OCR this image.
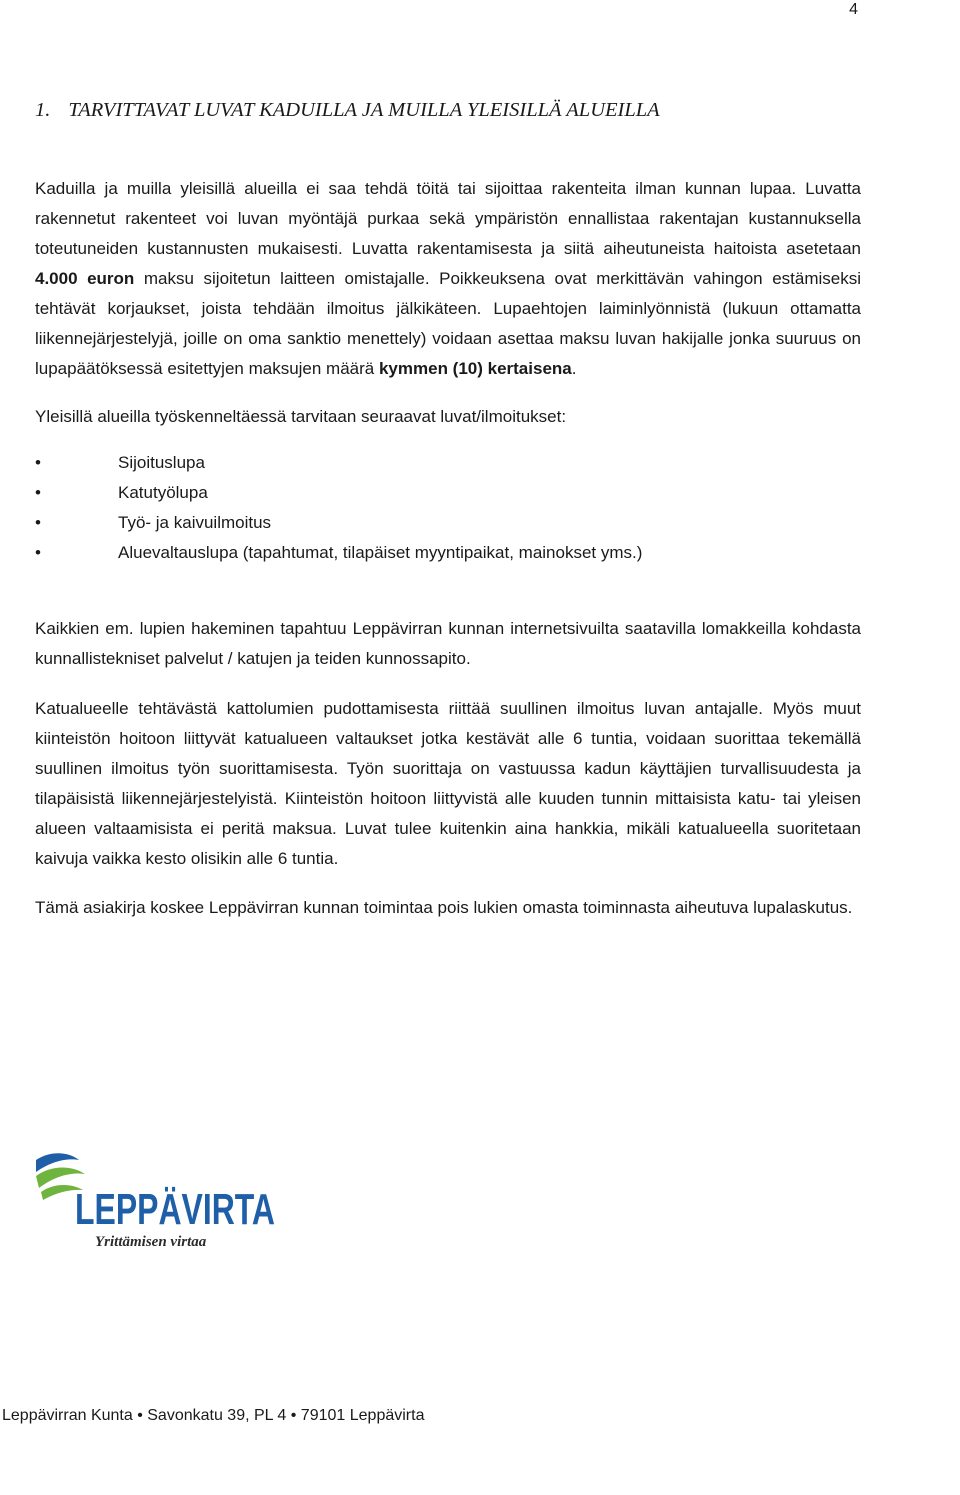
4
1. TARVITTAVAT LUVAT KADUILLA JA MUILLA YLEISILLÄ ALUEILLA

Kaduilla ja muilla yleisillä alueilla ei saa tehdä töitä tai sijoittaa rakenteita ilman kunnan lupaa. Luvatta rakennetut rakenteet voi luvan myöntäjä purkaa sekä ympäristön ennallistaa rakentajan kustannuksella toteutuneiden kustannusten mukaisesti. Luvatta rakentamisesta ja siitä aiheutuneista haitoista asetetaan 4.000 euron maksu sijoitetun laitteen omistajalle. Poikkeuksena ovat merkittävän vahingon estämiseksi tehtävät korjaukset, joista tehdään ilmoitus jälkikäteen. Lupaehtojen laiminlyönnistä (lukuun ottamatta liikennejärjestelyjä, joille on oma sanktio menettely) voidaan asettaa maksu luvan hakijalle jonka suuruus on lupapäätöksessä esitettyjen maksujen määrä kymmen (10) kertaisena.

Yleisillä alueilla työskenneltäessä tarvitaan seuraavat luvat/ilmoitukset:

•	Sijoituslupa
•	Katutyölupa
•	Työ- ja kaivuilmoitus
•	Aluevaltauslupa (tapahtumat, tilapäiset myyntipaikat, mainokset yms.)

Kaikkien em. lupien hakeminen tapahtuu Leppävirran kunnan internetsivuilta saatavilla lomakkeilla kohdasta kunnallistekniset palvelut / katujen ja teiden kunnossapito.

Katualueelle tehtävästä kattolumien pudottamisesta riittää suullinen ilmoitus luvan antajalle. Myös muut kiinteistön hoitoon liittyvät katualueen valtaukset jotka kestävät alle 6 tuntia, voidaan suorittaa tekemällä suullinen ilmoitus työn suorittamisesta. Työn suorittaja on vastuussa kadun käyttäjien turvallisuudesta ja tilapäisistä liikennejärjestelyistä. Kiinteistön hoitoon liittyvistä alle kuuden tunnin mittaisista katu- tai yleisen alueen valtaamisista ei peritä maksua. Luvat tulee kuitenkin aina hankkia, mikäli katualueella suoritetaan kaivuja vaikka kesto olisikin alle 6 tuntia.

Tämä asiakirja koskee Leppävirran kunnan toimintaa pois lukien omasta toiminnasta aiheutuva lupalaskutus.

LEPPÄVIRTA
Yrittämisen virtaa
Leppävirran Kunta • Savonkatu 39, PL 4 • 79101 Leppävirta
